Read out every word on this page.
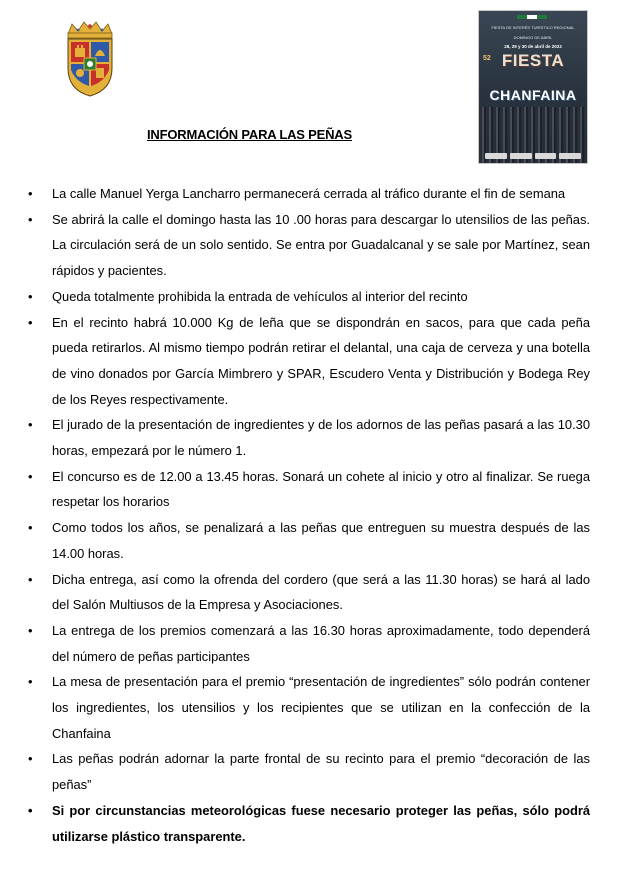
FIESTA DE INTERÉS TURÍSTICO REGIONAL
DOMINGO DE ABRIL
28, 29 y 30 de abril de 2023
52 FIESTA
CHANFAINA
INFORMACIÓN PARA LAS PEÑAS
• La calle Manuel Yerga Lancharro permanecerá cerrada al tráfico durante el fin de semana
• Se abrirá la calle el domingo hasta las 10 .00 horas para descargar lo utensilios de las peñas. La circulación será de un solo sentido. Se entra por Guadalcanal y se sale por Martínez, sean rápidos y pacientes.
• Queda totalmente prohibida la entrada de vehículos al interior del recinto
• En el recinto habrá 10.000 Kg de leña que se dispondrán en sacos, para que cada peña pueda retirarlos. Al mismo tiempo podrán retirar el delantal, una caja de cerveza y una botella de vino donados por García Mimbrero y SPAR, Escudero Venta y Distribución y Bodega Rey de los Reyes respectivamente.
• El jurado de la presentación de ingredientes y de los adornos de las peñas pasará a las 10.30 horas, empezará por le número 1.
• El concurso es de 12.00 a 13.45 horas. Sonará un cohete al inicio y otro al finalizar. Se ruega respetar los horarios
• Como todos los años, se penalizará a las peñas que entreguen su muestra después de las 14.00 horas.
• Dicha entrega, así como la ofrenda del cordero (que será a las 11.30 horas) se hará al lado del Salón Multiusos de la Empresa y Asociaciones.
• La entrega de los premios comenzará a las 16.30 horas aproximadamente, todo dependerá del número de peñas participantes
• La mesa de presentación para el premio “presentación de ingredientes” sólo podrán contener los ingredientes, los utensilios y los recipientes que se utilizan en la confección de la Chanfaina
• Las peñas podrán adornar la parte frontal de su recinto para el premio “decoración de las peñas”
• Si por circunstancias meteorológicas fuese necesario proteger las peñas, sólo podrá utilizarse plástico transparente.
